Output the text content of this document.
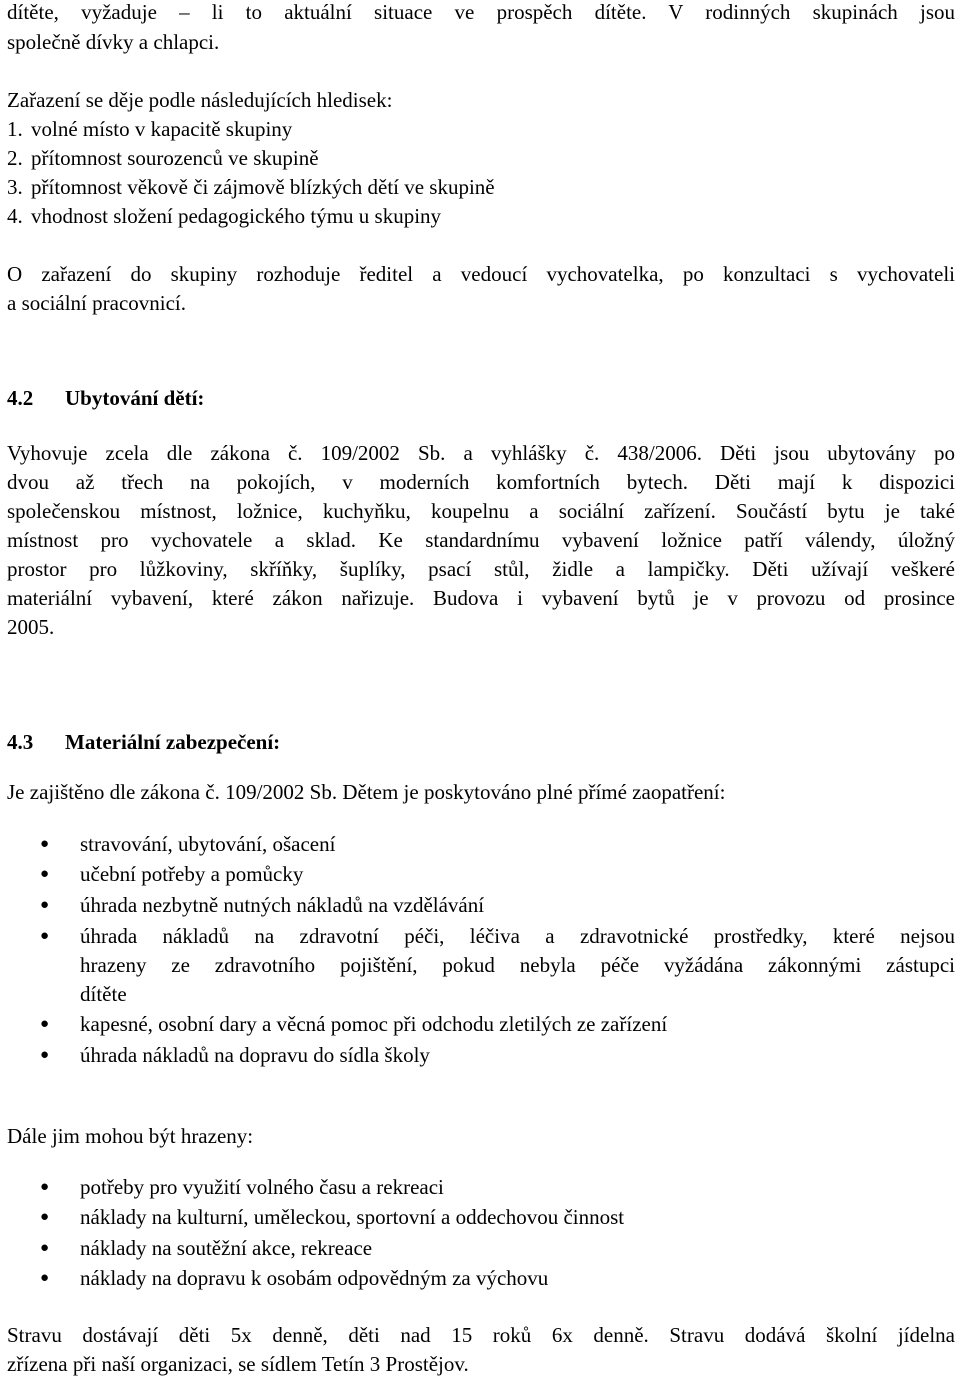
dítěte, vyžaduje – li to aktuální situace ve prospěch dítěte. V rodinných skupinách jsou
společně dívky a chlapci.
Zařazení se děje podle následujících hledisek:
1. volné místo v kapacitě skupiny
2. přítomnost sourozenců ve skupině
3. přítomnost věkově či zájmově blízkých dětí ve skupině
4. vhodnost složení pedagogického týmu u skupiny
O zařazení do skupiny rozhoduje ředitel a vedoucí vychovatelka, po konzultaci s vychovateli
a sociální pracovnicí.
4.2 Ubytování dětí:
Vyhovuje zcela dle zákona č. 109/2002 Sb. a vyhlášky č. 438/2006. Děti jsou ubytovány po
dvou až třech na pokojích, v moderních komfortních bytech. Děti mají k dispozici
společenskou místnost, ložnice, kuchyňku, koupelnu a sociální zařízení. Součástí bytu je také
místnost pro vychovatele a sklad. Ke standardnímu vybavení ložnice patří válendy, úložný
prostor pro lůžkoviny, skříňky, šuplíky, psací stůl, židle a lampičky. Děti užívají veškeré
materiální vybavení, které zákon nařizuje. Budova i vybavení bytů je v provozu od prosince
2005.
4.3 Materiální zabezpečení:
Je zajištěno dle zákona č. 109/2002 Sb. Dětem je poskytováno plné přímé zaopatření:
● stravování, ubytování, ošacení
● učební potřeby a pomůcky
● úhrada nezbytně nutných nákladů na vzdělávání
● úhrada nákladů na zdravotní péči, léčiva a zdravotnické prostředky, které nejsou
hrazeny ze zdravotního pojištění, pokud nebyla péče vyžádána zákonnými zástupci
dítěte
● kapesné, osobní dary a věcná pomoc při odchodu zletilých ze zařízení
● úhrada nákladů na dopravu do sídla školy
Dále jim mohou být hrazeny:
● potřeby pro využití volného času a rekreaci
● náklady na kulturní, uměleckou, sportovní a oddechovou činnost
● náklady na soutěžní akce, rekreace
● náklady na dopravu k osobám odpovědným za výchovu
Stravu dostávají děti 5x denně, děti nad 15 roků 6x denně. Stravu dodává školní jídelna
zřízena při naší organizaci, se sídlem Tetín 3 Prostějov.
